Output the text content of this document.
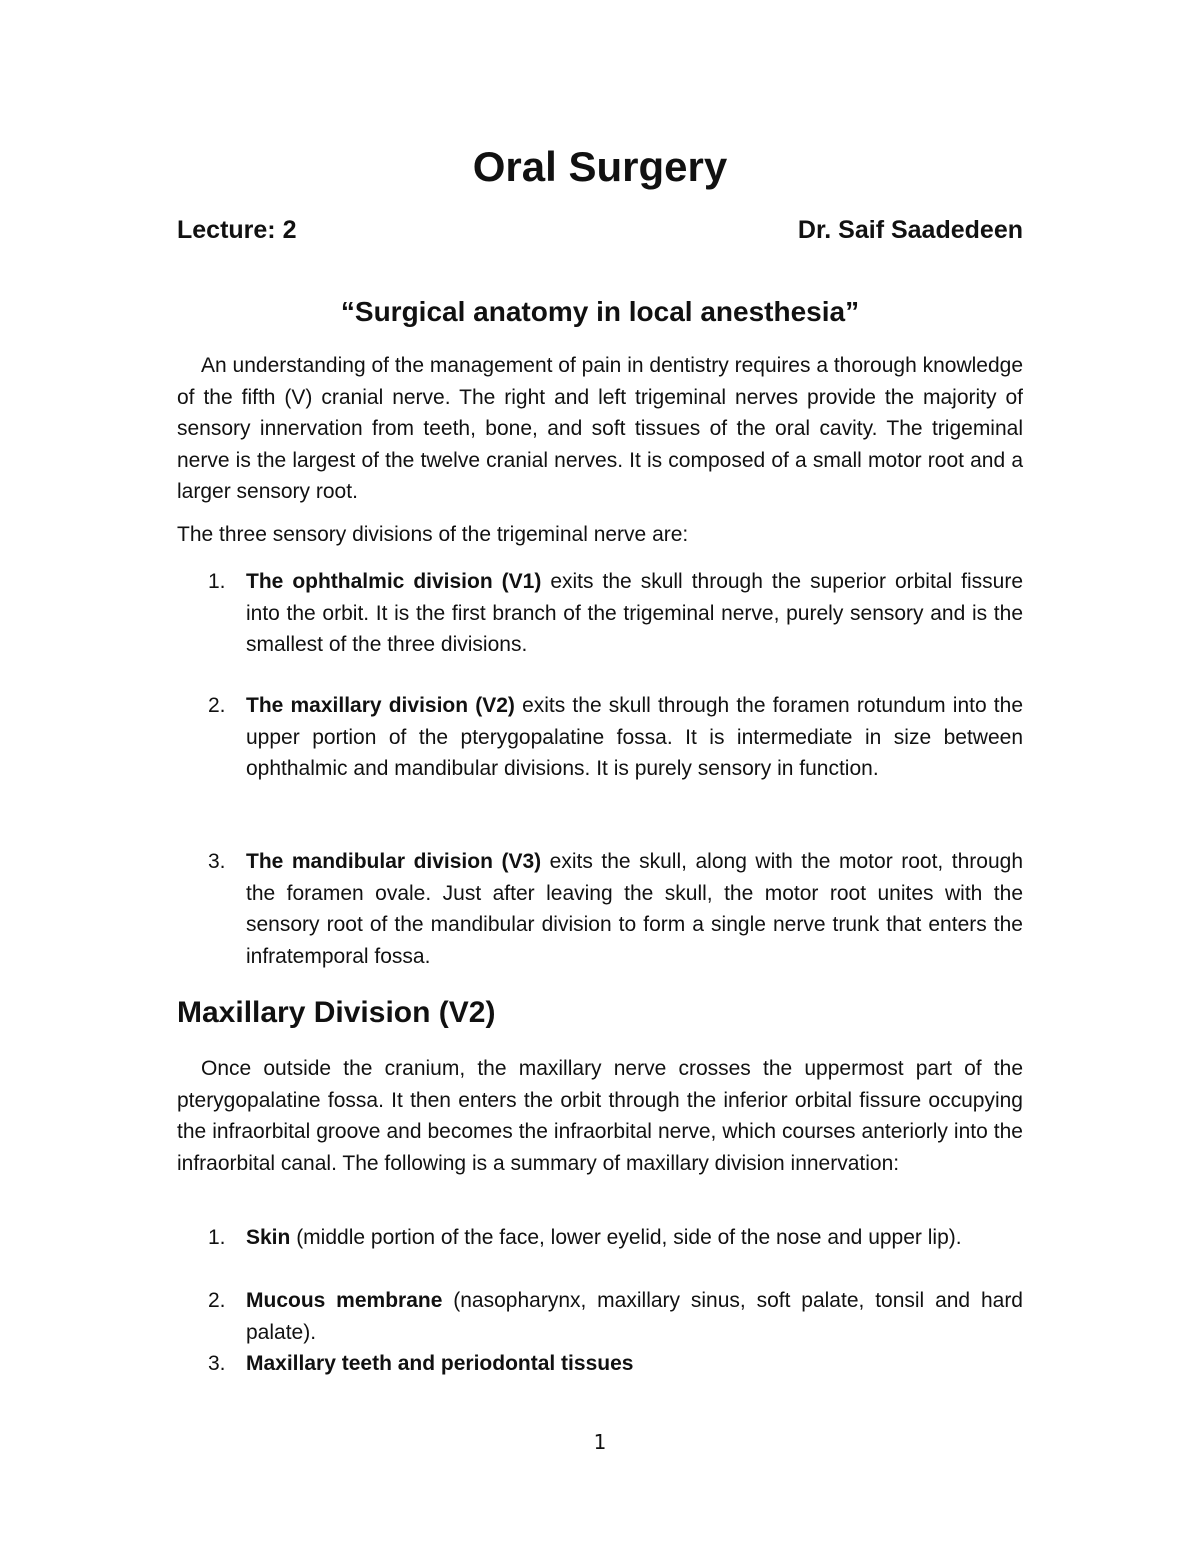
Oral Surgery

Lecture: 2	Dr. Saif Saadedeen

“Surgical anatomy in local anesthesia”

An understanding of the management of pain in dentistry requires a thorough knowledge of the fifth (V) cranial nerve. The right and left trigeminal nerves provide the majority of sensory innervation from teeth, bone, and soft tissues of the oral cavity. The trigeminal nerve is the largest of the twelve cranial nerves. It is composed of a small motor root and a larger sensory root.

The three sensory divisions of the trigeminal nerve are:

1. The ophthalmic division (V1) exits the skull through the superior orbital fissure into the orbit. It is the first branch of the trigeminal nerve, purely sensory and is the smallest of the three divisions.
2. The maxillary division (V2) exits the skull through the foramen rotundum into the upper portion of the pterygopalatine fossa. It is intermediate in size between ophthalmic and mandibular divisions. It is purely sensory in function.
3. The mandibular division (V3) exits the skull, along with the motor root, through the foramen ovale. Just after leaving the skull, the motor root unites with the sensory root of the mandibular division to form a single nerve trunk that enters the infratemporal fossa.
Maxillary Division (V2)

Once outside the cranium, the maxillary nerve crosses the uppermost part of the pterygopalatine fossa. It then enters the orbit through the inferior orbital fissure occupying the infraorbital groove and becomes the infraorbital nerve, which courses anteriorly into the infraorbital canal. The following is a summary of maxillary division innervation:

1. Skin (middle portion of the face, lower eyelid, side of the nose and upper lip).
2. Mucous membrane (nasopharynx, maxillary sinus, soft palate, tonsil and hard palate).
3. Maxillary teeth and periodontal tissues

1
